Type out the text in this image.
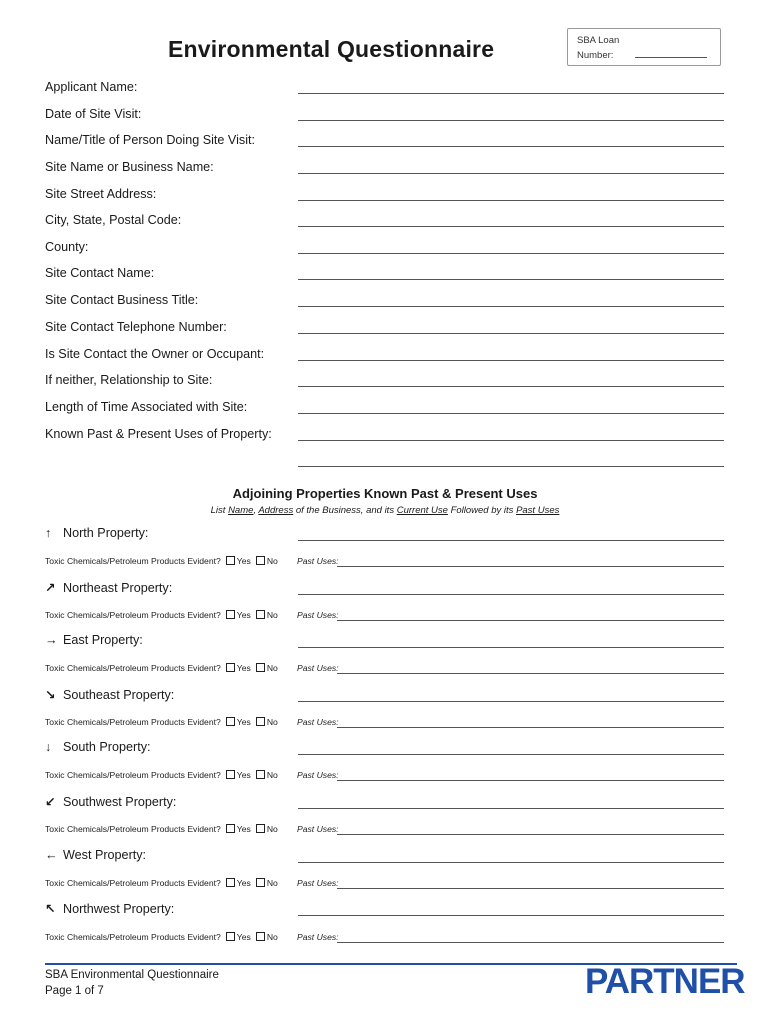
Environmental Questionnaire	SBA Loan
Number:
Applicant Name:
Date of Site Visit:
Name/Title of Person Doing Site Visit:
Site Name or Business Name:
Site Street Address:
City, State, Postal Code:
County:
Site Contact Name:
Site Contact Business Title:
Site Contact Telephone Number:
Is Site Contact the Owner or Occupant:
If neither, Relationship to Site:
Length of Time Associated with Site:
Known Past & Present Uses of Property:
Adjoining Properties Known Past & Present Uses
List Name, Address of the Business, and its Current Use Followed by its Past Uses
↑ North Property:
Toxic Chemicals/Petroleum Products Evident? Yes No Past Uses:
↗ Northeast Property:
Toxic Chemicals/Petroleum Products Evident? Yes No Past Uses:
→ East Property:
Toxic Chemicals/Petroleum Products Evident? Yes No Past Uses:
↘ Southeast Property:
Toxic Chemicals/Petroleum Products Evident? Yes No Past Uses:
↓ South Property:
Toxic Chemicals/Petroleum Products Evident? Yes No Past Uses:
↙ Southwest Property:
Toxic Chemicals/Petroleum Products Evident? Yes No Past Uses:
← West Property:
Toxic Chemicals/Petroleum Products Evident? Yes No Past Uses:
↖ Northwest Property:
Toxic Chemicals/Petroleum Products Evident? Yes No Past Uses:
SBA Environmental Questionnaire
Page 1 of 7	PARTNER
